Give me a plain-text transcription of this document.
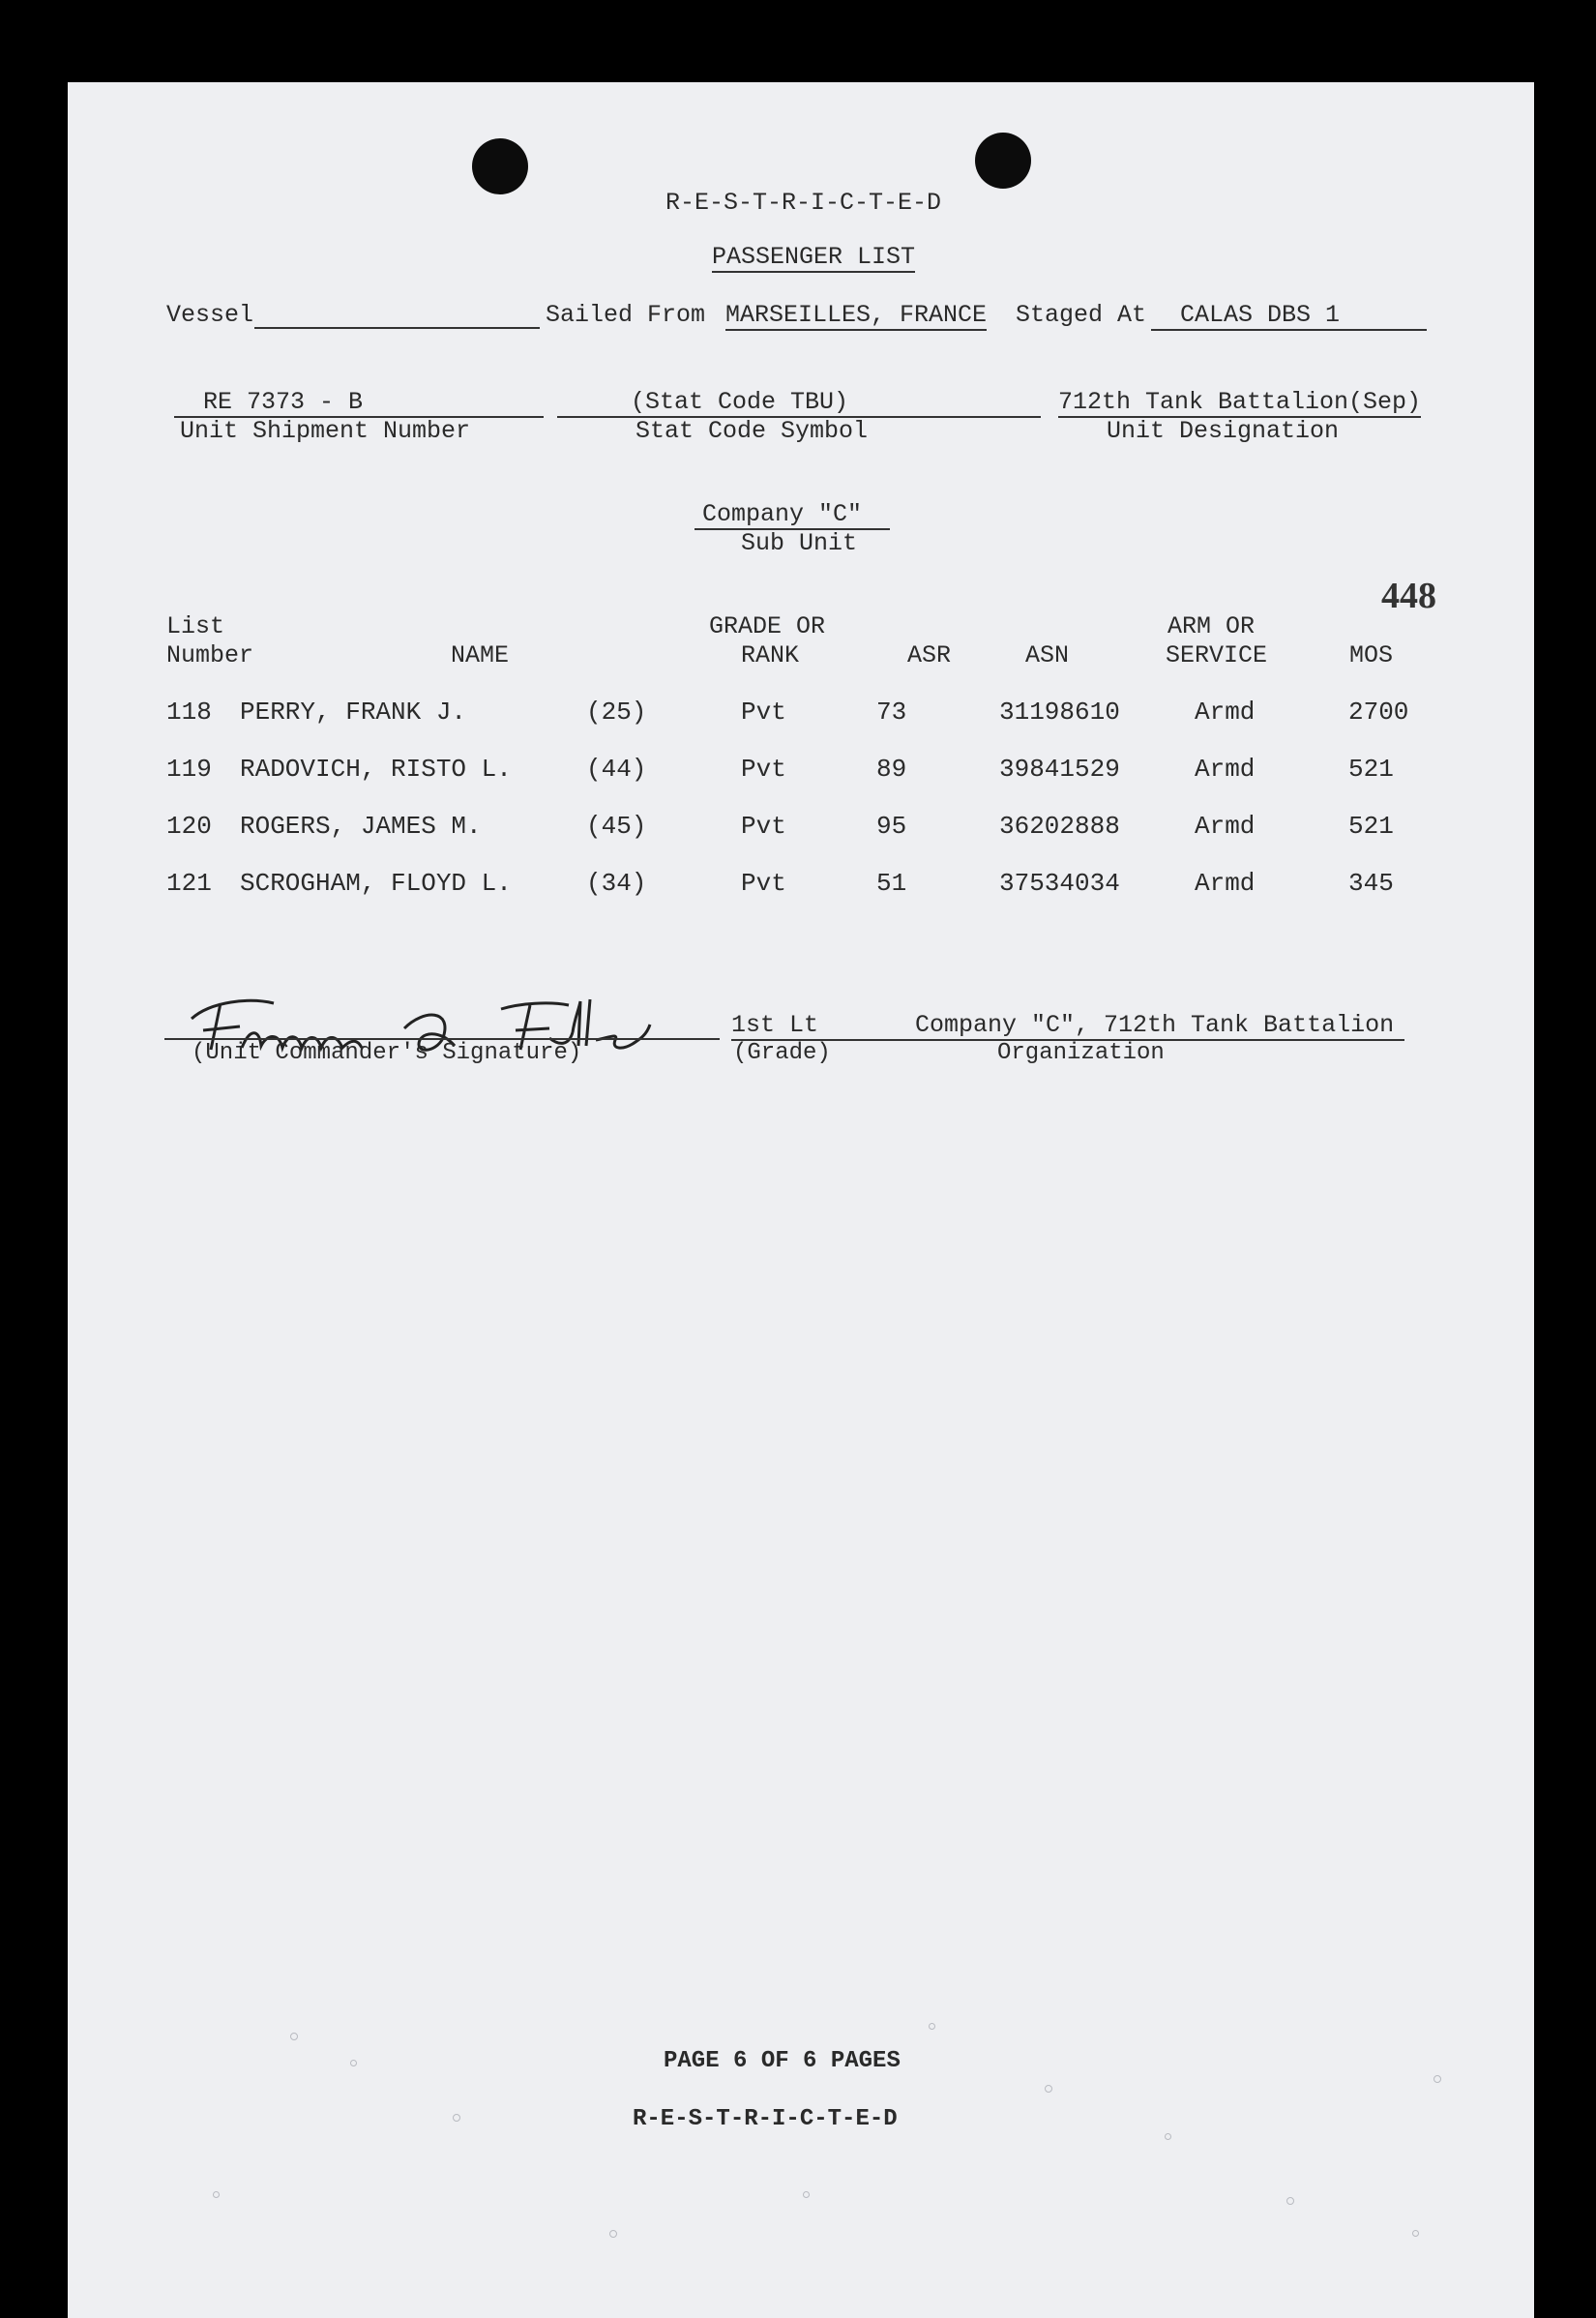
R-E-S-T-R-I-C-T-E-D
PASSENGER LIST
448
Vessel	Sailed From MARSEILLES, FRANCE Staged At	CALAS DBS 1
RE 7373 - B
Unit Shipment Number
(Stat Code TBU)
Stat Code Symbol
712th Tank Battalion(Sep)
Unit Designation
Company "C"
Sub Unit
List
Number	NAME
GRADE OR
RANK	ASR	ASN
ARM OR
SERVICE	MOS
118 PERRY, FRANK J.	(25)	Pvt	73	31198610	Armd	2700
119 RADOVICH, RISTO L.	(44)	Pvt	89	39841529	Armd	521
120 ROGERS, JAMES M.	(45)	Pvt	95	36202888	Armd	521
121 SCROGHAM, FLOYD L.	(34)	Pvt	51	37534034	Armd	345
(Unit Commander's Signature)
1st Lt
(Grade)
Company "C", 712th Tank Battalion
Organization
PAGE 6 OF 6 PAGES
R-E-S-T-R-I-C-T-E-D
